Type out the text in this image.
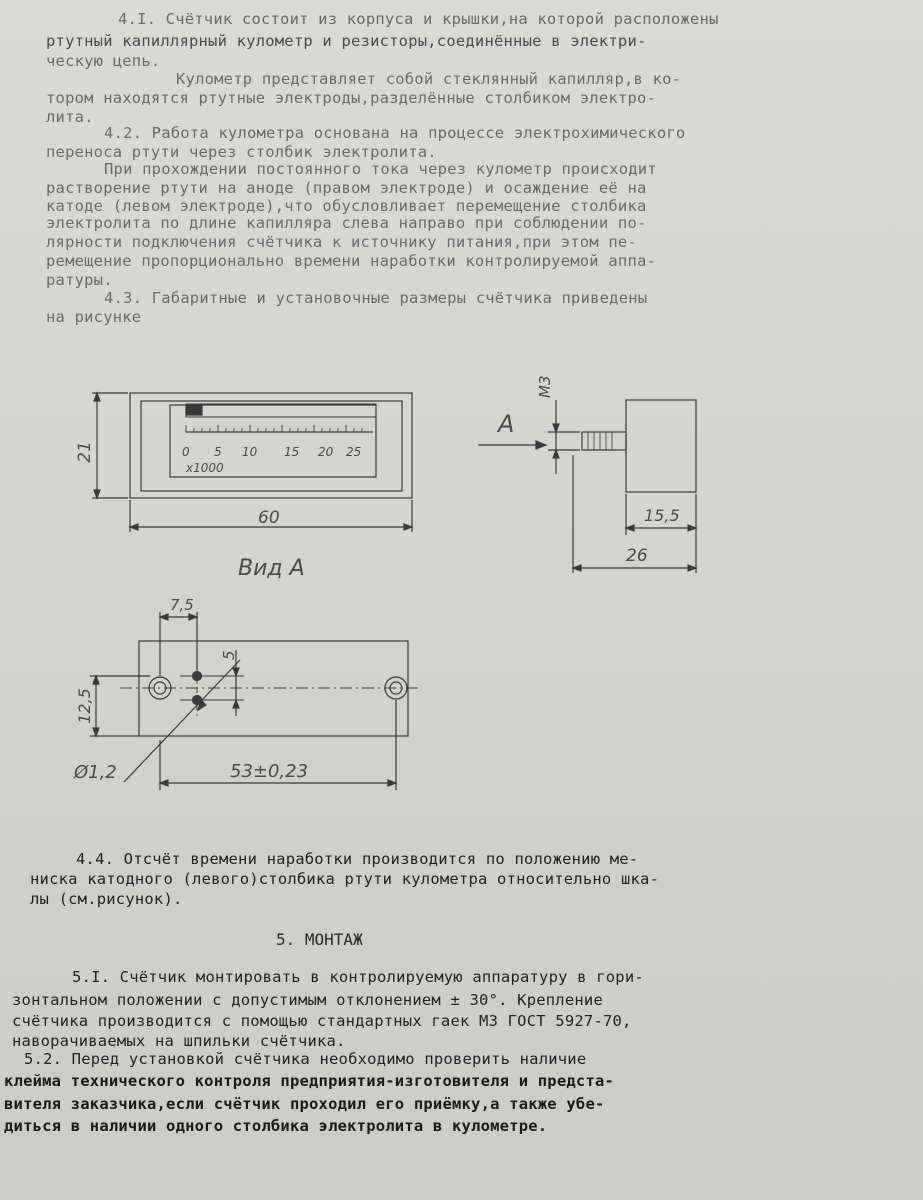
4.I. Счётчик состоит из корпуса и крышки,на которой расположены
ртутный капиллярный кулометр и резисторы,соединённые в электри-
ческую цепь.
Кулометр представляет собой стеклянный капилляр,в ко-
тором находятся ртутные электроды,разделённые столбиком электро-
лита.
4.2. Работа кулометра основана на процессе электрохимического
переноса ртути через столбик электролита.
При прохождении постоянного тока через кулометр происходит
растворение ртути на аноде (правом электроде) и осаждение её на
катоде (левом электроде),что обусловливает перемещение столбика
электролита по длине капилляра слева направо при соблюдении по-
лярности подключения счётчика к источнику питания,при этом пе-
ремещение пропорционально времени наработки контролируемой аппа-
ратуры.
4.3. Габаритные и установочные размеры счётчика приведены
на рисунке
21
60
0 5 10 15 20 25
x1000
A
M3
15,5
26
Вид А
7,5
5
12,5
Ø1,2	53±0,23
4.4. Отсчёт времени наработки производится по положению ме-
ниска катодного (левого)столбика ртути кулометра относительно шка-
лы (см.рисунок).
5. МОНТАЖ
5.I. Счётчик монтировать в контролируемую аппаратуру в гори-
зонтальном положении с допустимым отклонением ± 30°. Крепление
счётчика производится с помощью стандартных гаек М3 ГОСТ 5927-70,
наворачиваемых на шпильки счётчика.
5.2. Перед установкой счётчика необходимо проверить наличие
клейма технического контроля предприятия-изготовителя и предста-
вителя заказчика,если счётчик проходил его приёмку,а также убе-
диться в наличии одного столбика электролита в кулометре.
